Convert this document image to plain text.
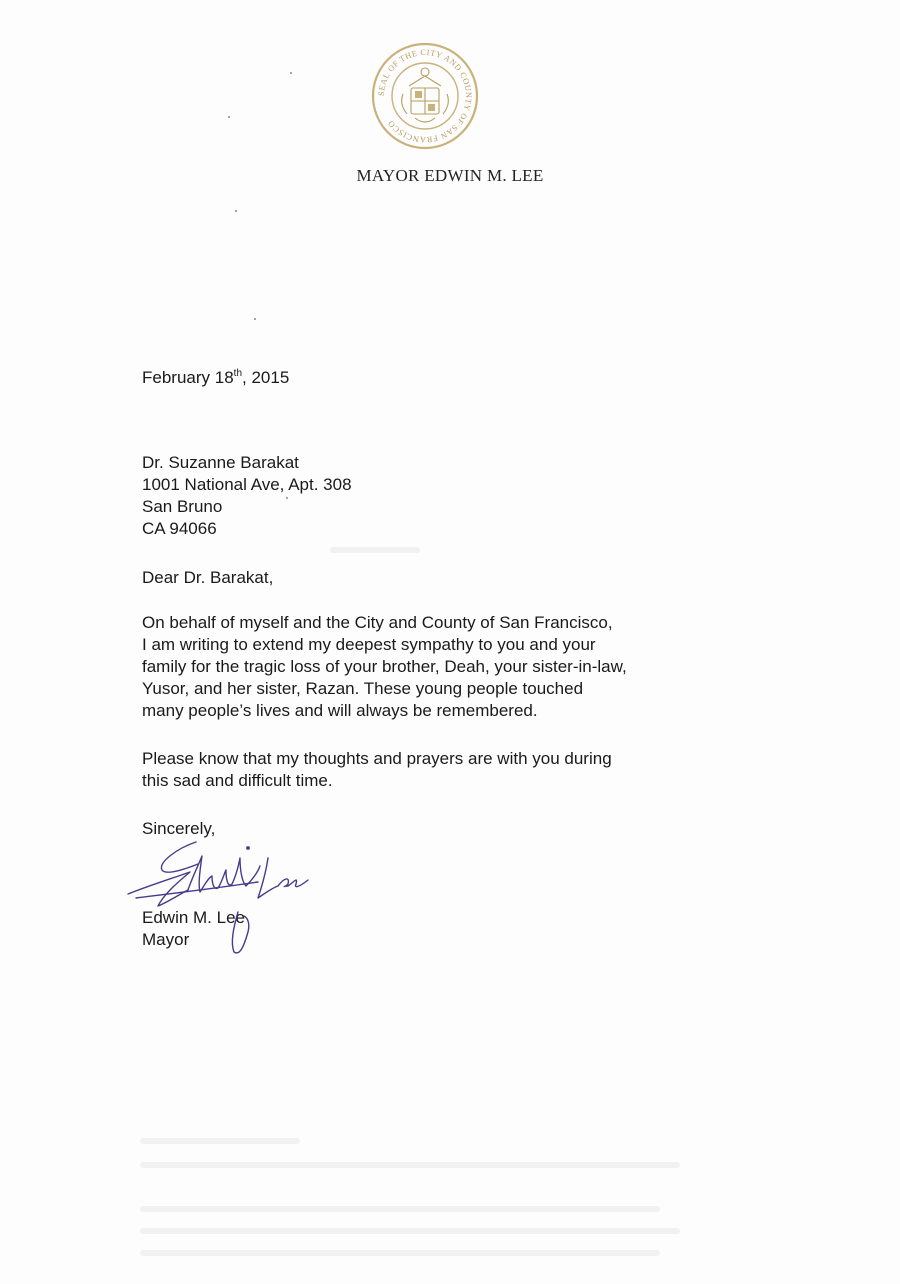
SEAL OF THE CITY AND COUNTY OF SAN FRANCISCO
MAYOR EDWIN M. LEE
February 18th, 2015
Dr. Suzanne Barakat
1001 National Ave, Apt. 308
San Bruno
CA 94066
Dear Dr. Barakat,
On behalf of myself and the City and County of San Francisco,
I am writing to extend my deepest sympathy to you and your
family for the tragic loss of your brother, Deah, your sister-in-law,
Yusor, and her sister, Razan. These young people touched
many people’s lives and will always be remembered.
Please know that my thoughts and prayers are with you during
this sad and difficult time.
Sincerely,
Edwin M. Lee
Mayor
